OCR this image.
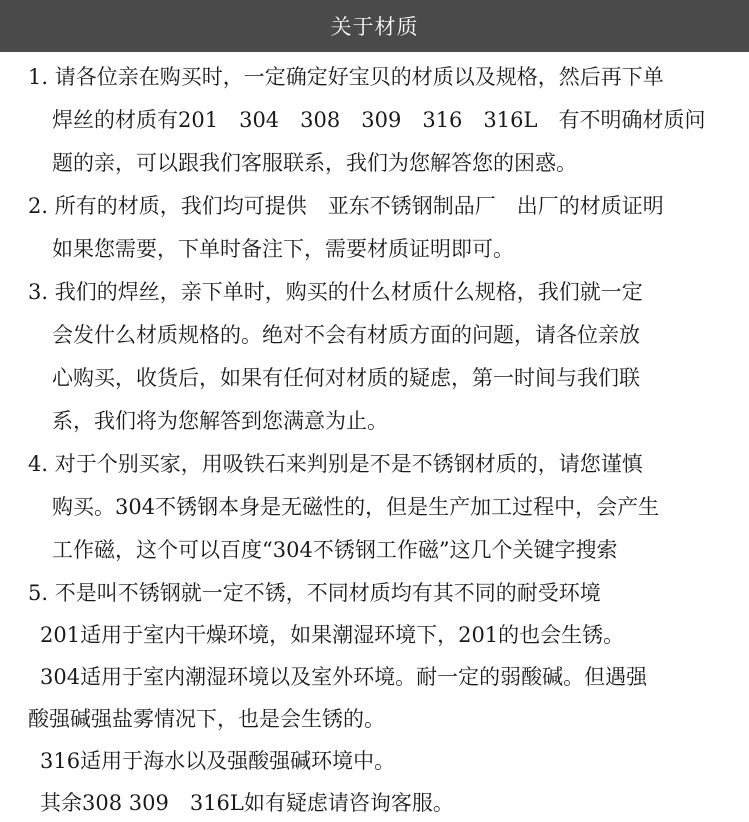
关于材质
1. 请各位亲在购买时，一定确定好宝贝的材质以及规格，然后再下单
焊丝的材质有201　304　308　309　316　316L　有不明确材质问
题的亲，可以跟我们客服联系，我们为您解答您的困惑。
2. 所有的材质，我们均可提供　亚东不锈钢制品厂　出厂的材质证明
如果您需要，下单时备注下，需要材质证明即可。
3. 我们的焊丝，亲下单时，购买的什么材质什么规格，我们就一定
会发什么材质规格的。绝对不会有材质方面的问题，请各位亲放
心购买，收货后，如果有任何对材质的疑虑，第一时间与我们联
系，我们将为您解答到您满意为止。
4. 对于个别买家，用吸铁石来判别是不是不锈钢材质的，请您谨慎
购买。304不锈钢本身是无磁性的，但是生产加工过程中，会产生
工作磁，这个可以百度“304不锈钢工作磁”这几个关键字搜索
5. 不是叫不锈钢就一定不锈，不同材质均有其不同的耐受环境
201适用于室内干燥环境，如果潮湿环境下，201的也会生锈。
304适用于室内潮湿环境以及室外环境。耐一定的弱酸碱。但遇强
酸强碱强盐雾情况下，也是会生锈的。
316适用于海水以及强酸强碱环境中。
其余308 309　316L如有疑虑请咨询客服。
